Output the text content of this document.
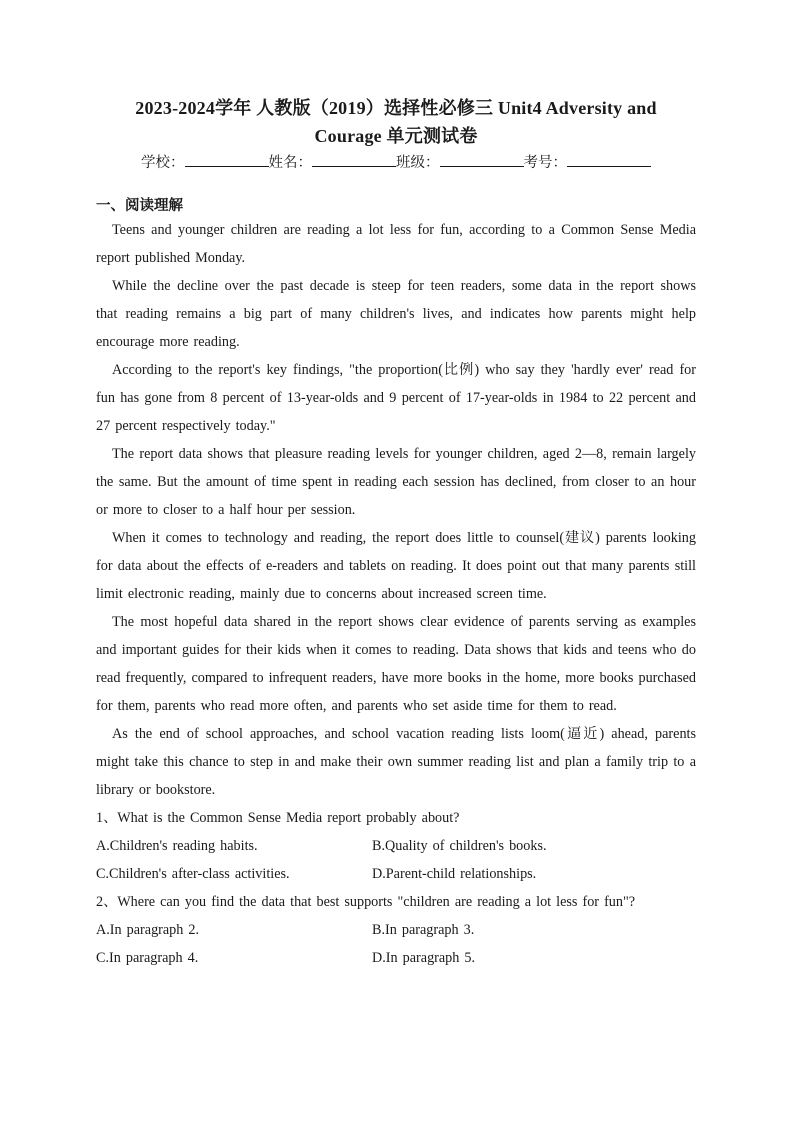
2023-2024学年 人教版（2019）选择性必修三 Unit4 Adversity and
Courage 单元测试卷
学校：	姓名：	班级：	考号：
一、阅读理解

Teens and younger children are reading a lot less for fun, according to a Common Sense Media report published Monday.

While the decline over the past decade is steep for teen readers, some data in the report shows that reading remains a big part of many children's lives, and indicates how parents might help encourage more reading.

According to the report's key findings, "the proportion(比例) who say they 'hardly ever' read for fun has gone from 8 percent of 13-year-olds and 9 percent of 17-year-olds in 1984 to 22 percent and 27 percent respectively today."

The report data shows that pleasure reading levels for younger children, aged 2—8, remain largely the same. But the amount of time spent in reading each session has declined, from closer to an hour or more to closer to a half hour per session.

When it comes to technology and reading, the report does little to counsel(建议) parents looking for data about the effects of e-readers and tablets on reading. It does point out that many parents still limit electronic reading, mainly due to concerns about increased screen time.

The most hopeful data shared in the report shows clear evidence of parents serving as examples and important guides for their kids when it comes to reading. Data shows that kids and teens who do read frequently, compared to infrequent readers, have more books in the home, more books purchased for them, parents who read more often, and parents who set aside time for them to read.

As the end of school approaches, and school vacation reading lists loom(逼近) ahead, parents might take this chance to step in and make their own summer reading list and plan a family trip to a library or bookstore.

1、What is the Common Sense Media report probably about?

A.Children's reading habits.	B.Quality of children's books.
C.Children's after-class activities.	D.Parent-child relationships.

2、Where can you find the data that best supports "children are reading a lot less for fun"?

A.In paragraph 2.	B.In paragraph 3.
C.In paragraph 4.	D.In paragraph 5.
